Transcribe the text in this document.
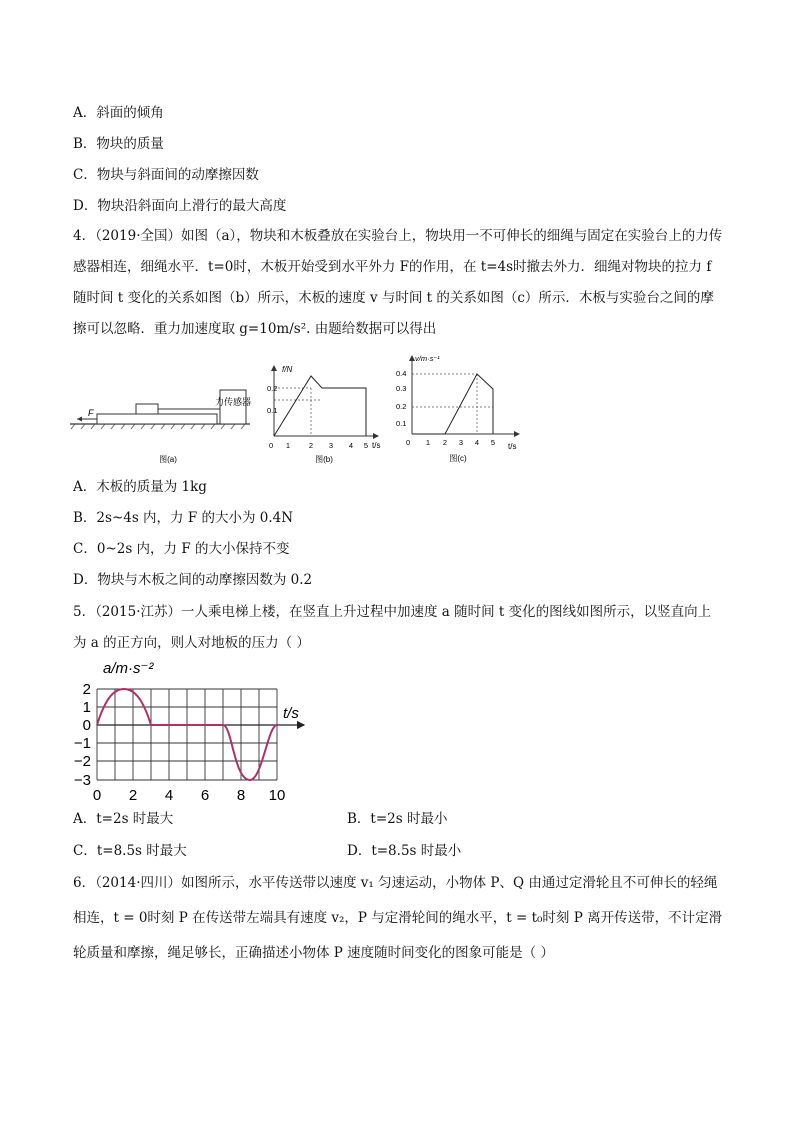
A．斜面的倾角
B．物块的质量
C．物块与斜面间的动摩擦因数
D．物块沿斜面向上滑行的最大高度
4．（2019·全国）如图（a），物块和木板叠放在实验台上，物块用一不可伸长的细绳与固定在实验台上的力传感器相连，细绳水平．t=0时，木板开始受到水平外力 F的作用，在 t=4s时撤去外力．细绳对物块的拉力 f随时间 t 变化的关系如图（b）所示，木板的速度 v 与时间 t 的关系如图（c）所示．木板与实验台之间的摩擦可以忽略．重力加速度取 g=10m/s². 由题给数据可以得出
力传感器
F
图(a)
f/N
t/s
0.2
0.1
0 1	2 3 4 5
图(b)
v/m·s⁻¹
t/s
0.4
0.3
0.2
0.1
0 1 2 3 4 5
图(c)
A．木板的质量为 1kg
B．2s~4s 内，力 F 的大小为 0.4N
C．0~2s 内，力 F 的大小保持不变
D．物块与木板之间的动摩擦因数为 0.2
5．（2015·江苏）一人乘电梯上楼，在竖直上升过程中加速度 a 随时间 t 变化的图线如图所示，以竖直向上
为 a 的正方向，则人对地板的压力（ ）
a/m·s⁻²
t/s
2
1
0
−1
−2
−3
0 2 4 6 8 10
A．t=2s 时最大	B．t=2s 时最小
C．t=8.5s 时最大	D．t=8.5s 时最小
6．（2014·四川）如图所示，水平传送带以速度 v₁ 匀速运动，小物体 P、Q 由通过定滑轮且不可伸长的轻绳
相连，t = 0时刻 P 在传送带左端具有速度 v₂，P 与定滑轮间的绳水平，t = t₀时刻 P 离开传送带，不计定滑
轮质量和摩擦，绳足够长，正确描述小物体 P 速度随时间变化的图象可能是（ ）
